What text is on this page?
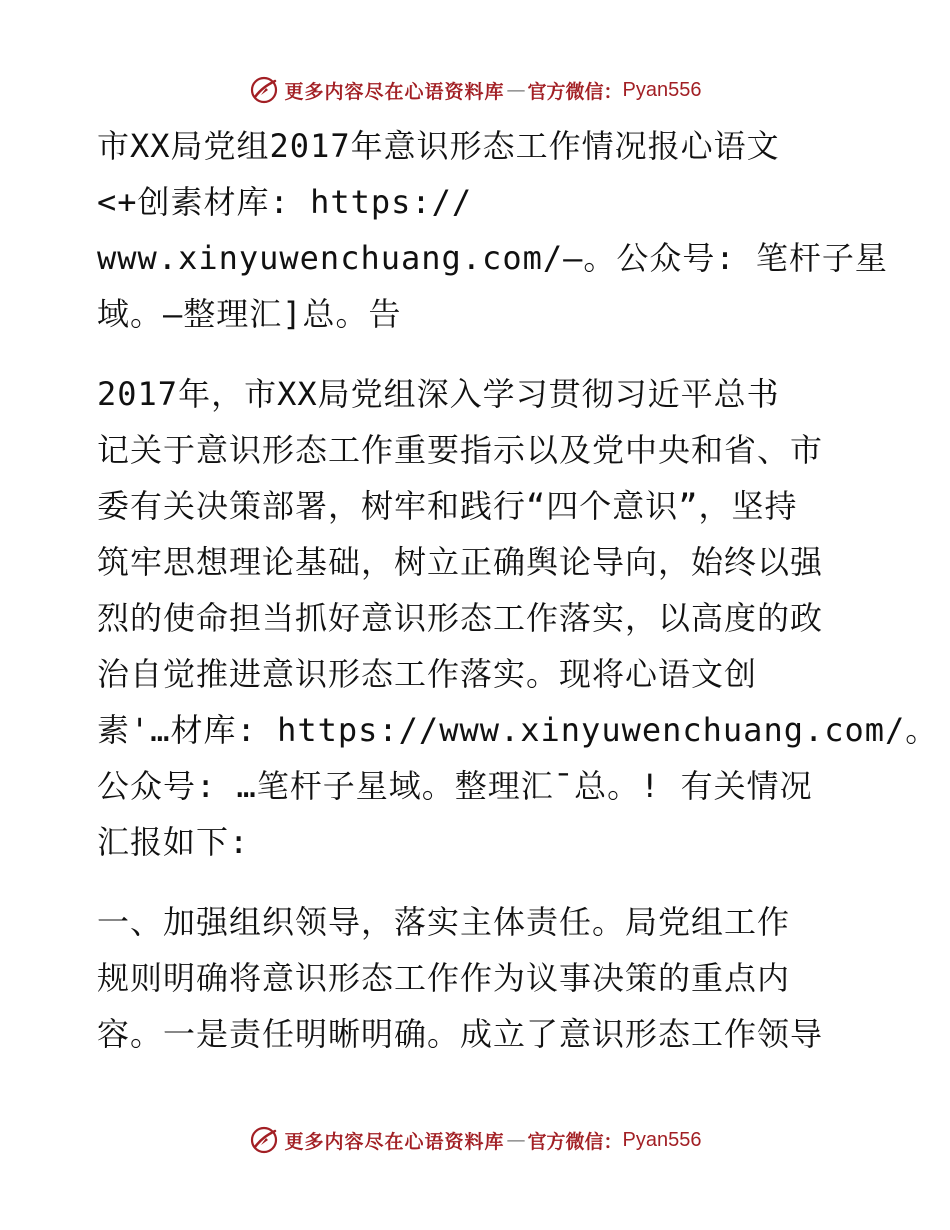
更多内容尽在心语资料库 — 官方微信： Pyan556
市XX局党组2017年意识形态工作情况报心语文
<+创素材库: https://
www.xinyuwenchuang.com/—。公众号: 笔杆子星
域。—整理汇]总。告
2017年，市XX局党组深入学习贯彻习近平总书
记关于意识形态工作重要指示以及党中央和省、市
委有关决策部署，树牢和践行“四个意识”，坚持
筑牢思想理论基础，树立正确舆论导向，始终以强
烈的使命担当抓好意识形态工作落实，以高度的政
治自觉推进意识形态工作落实。现将心语文创
素'…材库: https://www.xinyuwenchuang.com/。
公众号: …笔杆子星域。整理汇¯总。! 有关情况
汇报如下:
一、加强组织领导，落实主体责任。局党组工作
规则明确将意识形态工作作为议事决策的重点内
容。一是责任明晰明确。成立了意识形态工作领导
更多内容尽在心语资料库 — 官方微信： Pyan556
